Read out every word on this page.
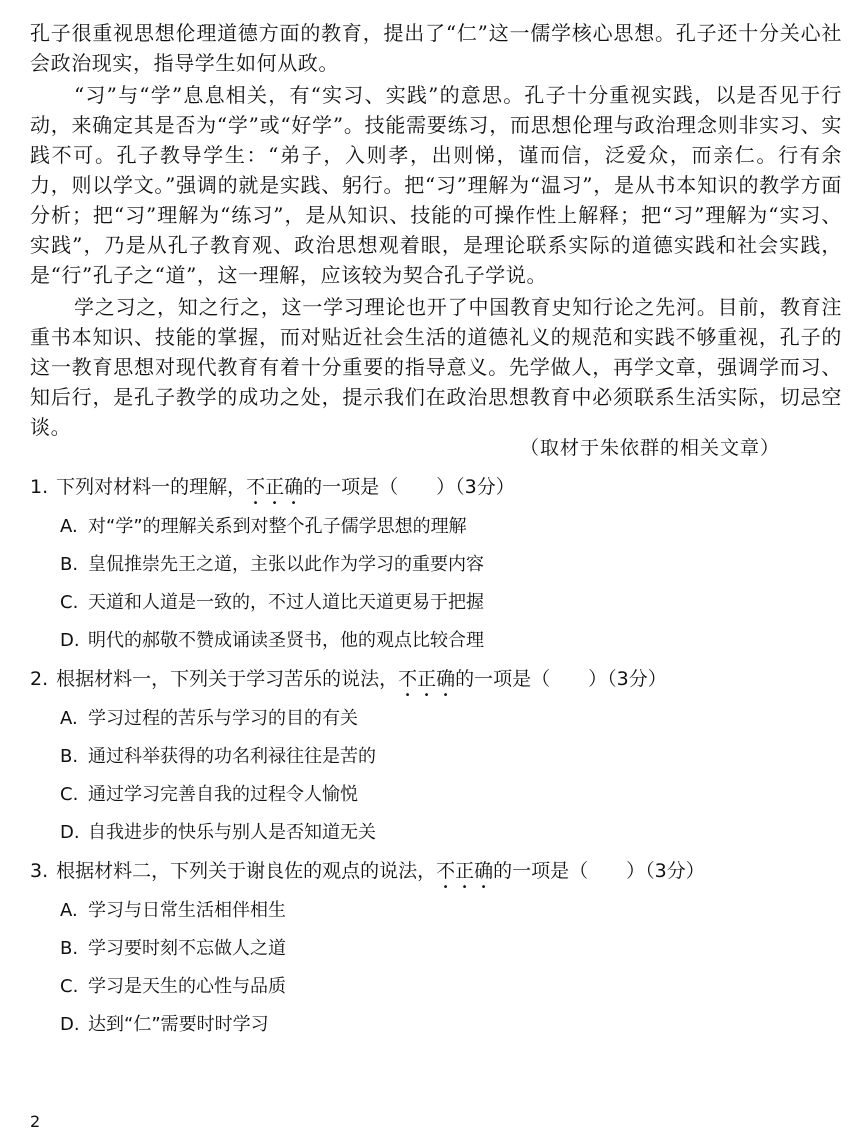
孔子很重视思想伦理道德方面的教育，提出了“仁”这一儒学核心思想。孔子还十分关心社会政治现实，指导学生如何从政。

“习”与“学”息息相关，有“实习、实践”的意思。孔子十分重视实践，以是否见于行动，来确定其是否为“学”或“好学”。技能需要练习，而思想伦理与政治理念则非实习、实践不可。孔子教导学生：“弟子，入则孝，出则悌，谨而信，泛爱众，而亲仁。行有余力，则以学文。”强调的就是实践、躬行。把“习”理解为“温习”，是从书本知识的教学方面分析；把“习”理解为“练习”，是从知识、技能的可操作性上解释；把“习”理解为“实习、实践”，乃是从孔子教育观、政治思想观着眼，是理论联系实际的道德实践和社会实践，是“行”孔子之“道”，这一理解，应该较为契合孔子学说。

学之习之，知之行之，这一学习理论也开了中国教育史知行论之先河。目前，教育注重书本知识、技能的掌握，而对贴近社会生活的道德礼义的规范和实践不够重视，孔子的这一教育思想对现代教育有着十分重要的指导意义。先学做人，再学文章，强调学而习、知后行，是孔子教学的成功之处，提示我们在政治思想教育中必须联系生活实际，切忌空谈。

（取材于朱依群的相关文章）

1. 下列对材料一的理解，不正确的一项是（　　）（3分）

A. 对“学”的理解关系到对整个孔子儒学思想的理解
B. 皇侃推崇先王之道，主张以此作为学习的重要内容
C. 天道和人道是一致的，不过人道比天道更易于把握
D. 明代的郝敬不赞成诵读圣贤书，他的观点比较合理

2. 根据材料一，下列关于学习苦乐的说法，不正确的一项是（　　）（3分）

A. 学习过程的苦乐与学习的目的有关
B. 通过科举获得的功名利禄往往是苦的
C. 通过学习完善自我的过程令人愉悦
D. 自我进步的快乐与别人是否知道无关

3. 根据材料二，下列关于谢良佐的观点的说法，不正确的一项是（　　）（3分）

A. 学习与日常生活相伴相生
B. 学习要时刻不忘做人之道
C. 学习是天生的心性与品质
D. 达到“仁”需要时时学习
2
